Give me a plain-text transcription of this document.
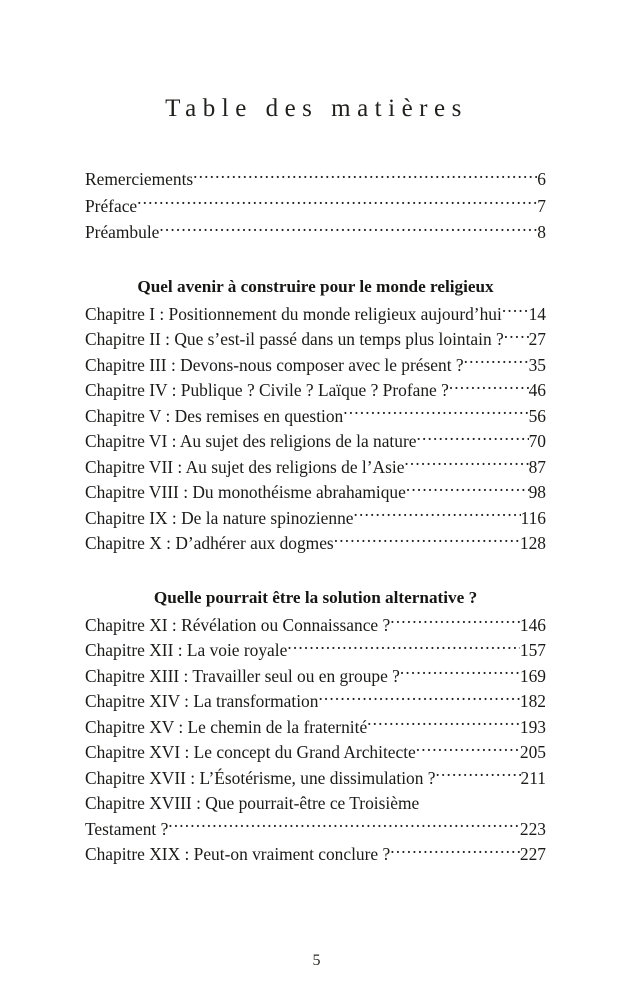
Table des matières
Remerciements .....	6
Préface .....	7
Préambule .....	8
Quel avenir à construire pour le monde religieux
Chapitre I : Positionnement du monde religieux aujourd’hui ..... 14
Chapitre II : Que s’est-il passé dans un temps plus lointain ? ..... 27
Chapitre III : Devons-nous composer avec le présent ? .....	35
Chapitre IV : Publique ? Civile ? Laïque ? Profane ? .....	46
Chapitre V : Des remises en question .....	56
Chapitre VI : Au sujet des religions de la nature .....	70
Chapitre VII : Au sujet des religions de l’Asie .....	87
Chapitre VIII : Du monothéisme abrahamique .....	98
Chapitre IX : De la nature spinozienne .....	116
Chapitre X : D’adhérer aux dogmes .....	128
Quelle pourrait être la solution alternative ?
Chapitre XI : Révélation ou Connaissance ? .....	146
Chapitre XII : La voie royale .....	157
Chapitre XIII : Travailler seul ou en groupe ? .....	169
Chapitre XIV : La transformation .....	182
Chapitre XV : Le chemin de la fraternité .....	193
Chapitre XVI : Le concept du Grand Architecte .....	205
Chapitre XVII : L’Ésotérisme, une dissimulation ? .....	211
Chapitre XVIII : Que pourrait-être ce Troisième
Testament ? .....	223
Chapitre XIX : Peut-on vraiment conclure ? .....	227
5
